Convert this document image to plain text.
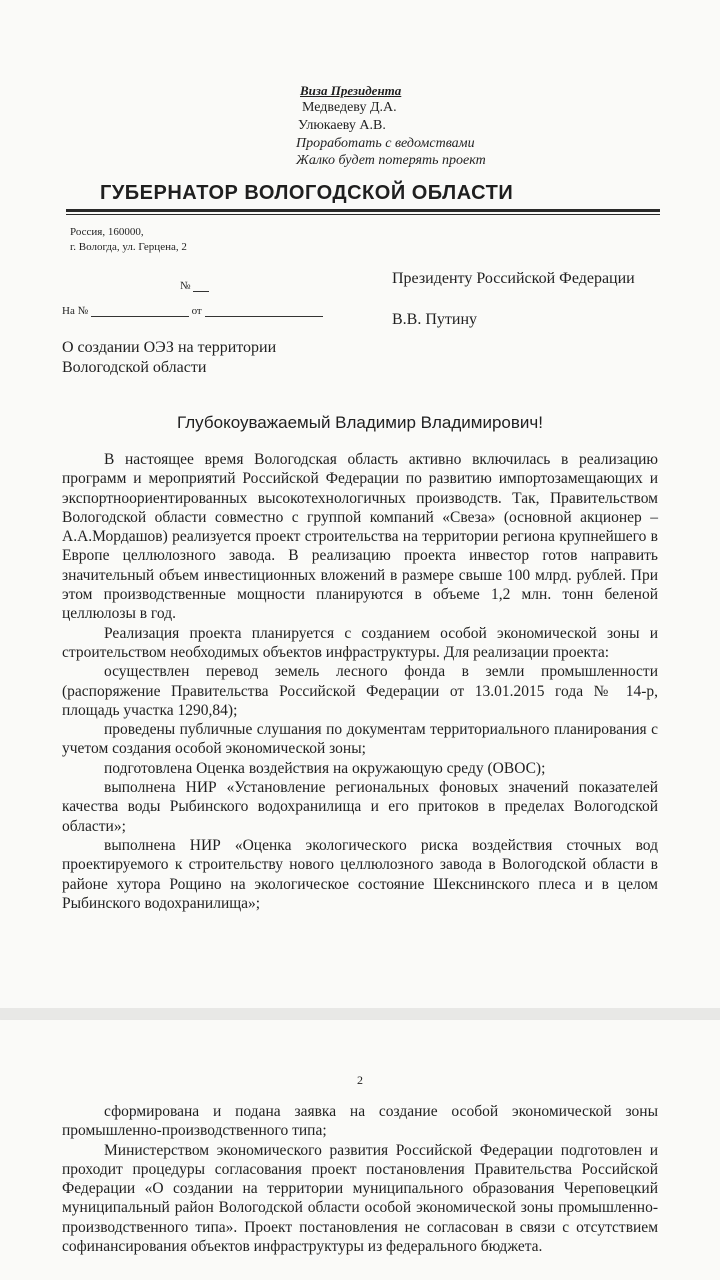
Виза Президента
Медведеву Д.А.
Улюкаеву А.В.
Проработать с ведомствами
Жалко будет потерять проект
ГУБЕРНАТОР ВОЛОГОДСКОЙ ОБЛАСТИ
Россия, 160000,
г. Вологда, ул. Герцена, 2
№
На №	от
Президенту Российской Федерации
В.В. Путину
О создании ОЭЗ на территории
Вологодской области
Глубокоуважаемый Владимир Владимирович!

В настоящее время Вологодская область активно включилась в реализацию программ и мероприятий Российской Федерации по развитию импортозамещающих и экспортноориентированных высокотехнологичных производств. Так, Правительством Вологодской области совместно с группой компаний «Свеза» (основной акционер – А.А.Мордашов) реализуется проект строительства на территории региона крупнейшего в Европе целлюлозного завода. В реализацию проекта инвестор готов направить значительный объем инвестиционных вложений в размере свыше 100 млрд. рублей. При этом производственные мощности планируются в объеме 1,2 млн. тонн беленой целлюлозы в год.

Реализация проекта планируется с созданием особой экономической зоны и строительством необходимых объектов инфраструктуры. Для реализации проекта:

осуществлен перевод земель лесного фонда в земли промышленности (распоряжение Правительства Российской Федерации от 13.01.2015 года № 14-р, площадь участка 1290,84);

проведены публичные слушания по документам территориального планирования с учетом создания особой экономической зоны;

подготовлена Оценка воздействия на окружающую среду (ОВОС);

выполнена НИР «Установление региональных фоновых значений показателей качества воды Рыбинского водохранилища и его притоков в пределах Вологодской области»;

выполнена НИР «Оценка экологического риска воздействия сточных вод проектируемого к строительству нового целлюлозного завода в Вологодской области в районе хутора Рощино на экологическое состояние Шекснинского плеса и в целом Рыбинского водохранилища»;

2

сформирована и подана заявка на создание особой экономической зоны промышленно-производственного типа;

Министерством экономического развития Российской Федерации подготовлен и проходит процедуры согласования проект постановления Правительства Российской Федерации «О создании на территории муниципального образования Череповецкий муниципальный район Вологодской области особой экономической зоны промышленно-производственного типа». Проект постановления не согласован в связи с отсутствием софинансирования объектов инфраструктуры из федерального бюджета.
